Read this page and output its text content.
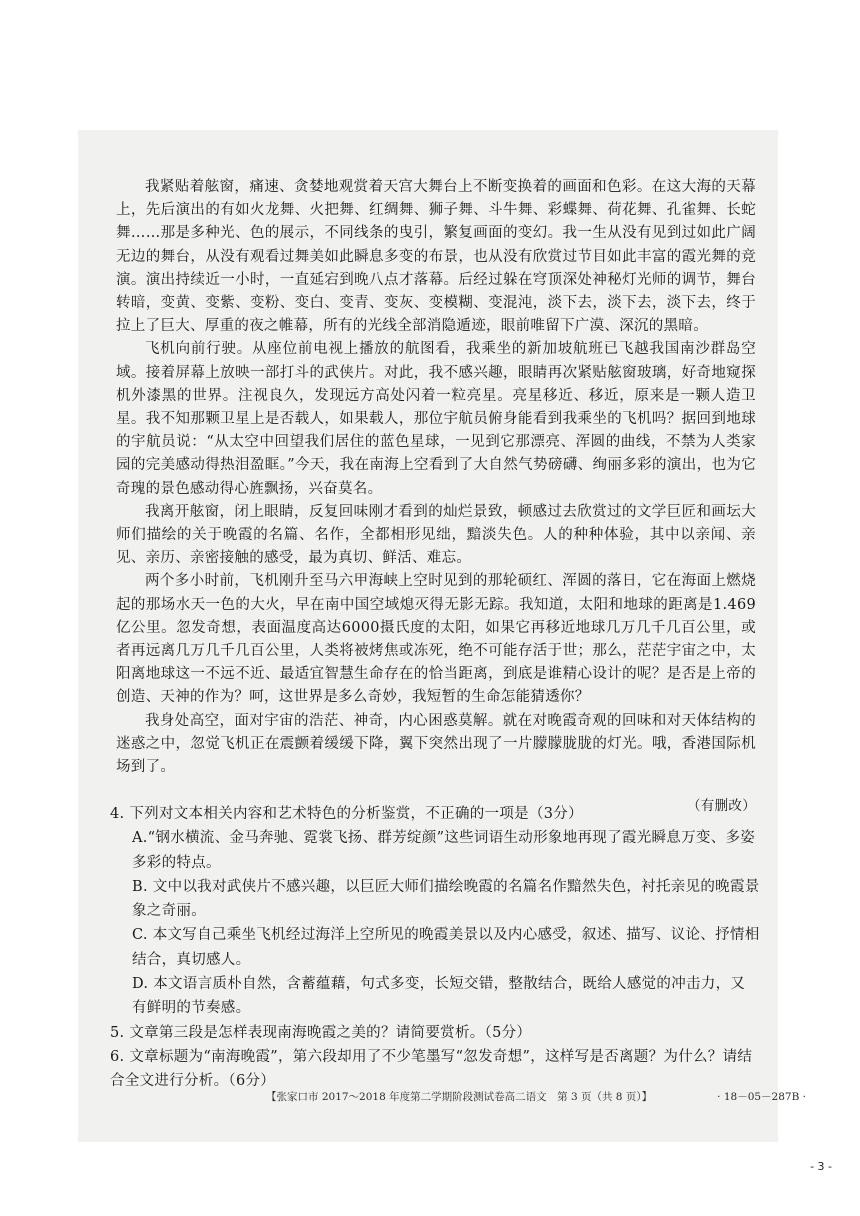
我紧贴着舷窗，痛速、贪婪地观赏着天宫大舞台上不断变换着的画面和色彩。在这大海的天幕上，先后演出的有如火龙舞、火把舞、红绸舞、狮子舞、斗牛舞、彩蝶舞、荷花舞、孔雀舞、长蛇舞……那是多种光、色的展示，不同线条的曳引，繁复画面的变幻。我一生从没有见到过如此广阔无边的舞台，从没有观看过舞美如此瞬息多变的布景，也从没有欣赏过节目如此丰富的霞光舞的竞演。演出持续近一小时，一直延宕到晚八点才落幕。后经过躲在穹顶深处神秘灯光师的调节，舞台转暗，变黄、变紫、变粉、变白、变青、变灰、变模糊、变混沌，淡下去，淡下去，淡下去，终于拉上了巨大、厚重的夜之帷幕，所有的光线全部消隐遁迹，眼前唯留下广漠、深沉的黑暗。

飞机向前行驶。从座位前电视上播放的航图看，我乘坐的新加坡航班已飞越我国南沙群岛空域。接着屏幕上放映一部打斗的武侠片。对此，我不感兴趣，眼睛再次紧贴舷窗玻璃，好奇地窥探机外漆黑的世界。注视良久，发现远方高处闪着一粒亮星。亮星移近、移近，原来是一颗人造卫星。我不知那颗卫星上是否载人，如果载人，那位宇航员俯身能看到我乘坐的飞机吗？据回到地球的宇航员说：“从太空中回望我们居住的蓝色星球，一见到它那漂亮、浑圆的曲线，不禁为人类家园的完美感动得热泪盈眶。”今天，我在南海上空看到了大自然气势磅礴、绚丽多彩的演出，也为它奇瑰的景色感动得心旌飘扬，兴奋莫名。

我离开舷窗，闭上眼睛，反复回味刚才看到的灿烂景致，顿感过去欣赏过的文学巨匠和画坛大师们描绘的关于晚霞的名篇、名作，全都相形见绌，黯淡失色。人的种种体验，其中以亲闻、亲见、亲历、亲密接触的感受，最为真切、鲜活、难忘。

两个多小时前，飞机刚升至马六甲海峡上空时见到的那轮硕红、浑圆的落日，它在海面上燃烧起的那场水天一色的大火，早在南中国空域熄灭得无影无踪。我知道，太阳和地球的距离是1.469亿公里。忽发奇想，表面温度高达6000摄氏度的太阳，如果它再移近地球几万几千几百公里，或者再远离几万几千几百公里，人类将被烤焦或冻死，绝不可能存活于世；那么，茫茫宇宙之中，太阳离地球这一不远不近、最适宜智慧生命存在的恰当距离，到底是谁精心设计的呢？是否是上帝的创造、天神的作为？呵，这世界是多么奇妙，我短暂的生命怎能猜透你？

我身处高空，面对宇宙的浩茫、神奇，内心困惑莫解。就在对晚霞奇观的回味和对天体结构的迷惑之中，忽觉飞机正在震颤着缓缓下降，翼下突然出现了一片朦朦胧胧的灯光。哦，香港国际机场到了。

（有删改）

4. 下列对文本相关内容和艺术特色的分析鉴赏，不正确的一项是（3分）

A.“钢水横流、金马奔驰、霓裳飞扬、群芳绽颜”这些词语生动形象地再现了霞光瞬息万变、多姿多彩的特点。

B. 文中以我对武侠片不感兴趣，以巨匠大师们描绘晚霞的名篇名作黯然失色，衬托亲见的晚霞景象之奇丽。

C. 本文写自己乘坐飞机经过海洋上空所见的晚霞美景以及内心感受，叙述、描写、议论、抒情相结合，真切感人。

D. 本文语言质朴自然，含蓄蕴藉，句式多变，长短交错，整散结合，既给人感觉的冲击力，又有鲜明的节奏感。

5. 文章第三段是怎样表现南海晚霞之美的？请简要赏析。（5分）

6. 文章标题为“南海晚霞”，第六段却用了不少笔墨写“忽发奇想”，这样写是否离题？为什么？请结合全文进行分析。（6分）

【张家口市 2017～2018 年度第二学期阶段测试卷高二语文　第 3 页（共 8 页）】	· 18－05－287B ·
- 3 -
